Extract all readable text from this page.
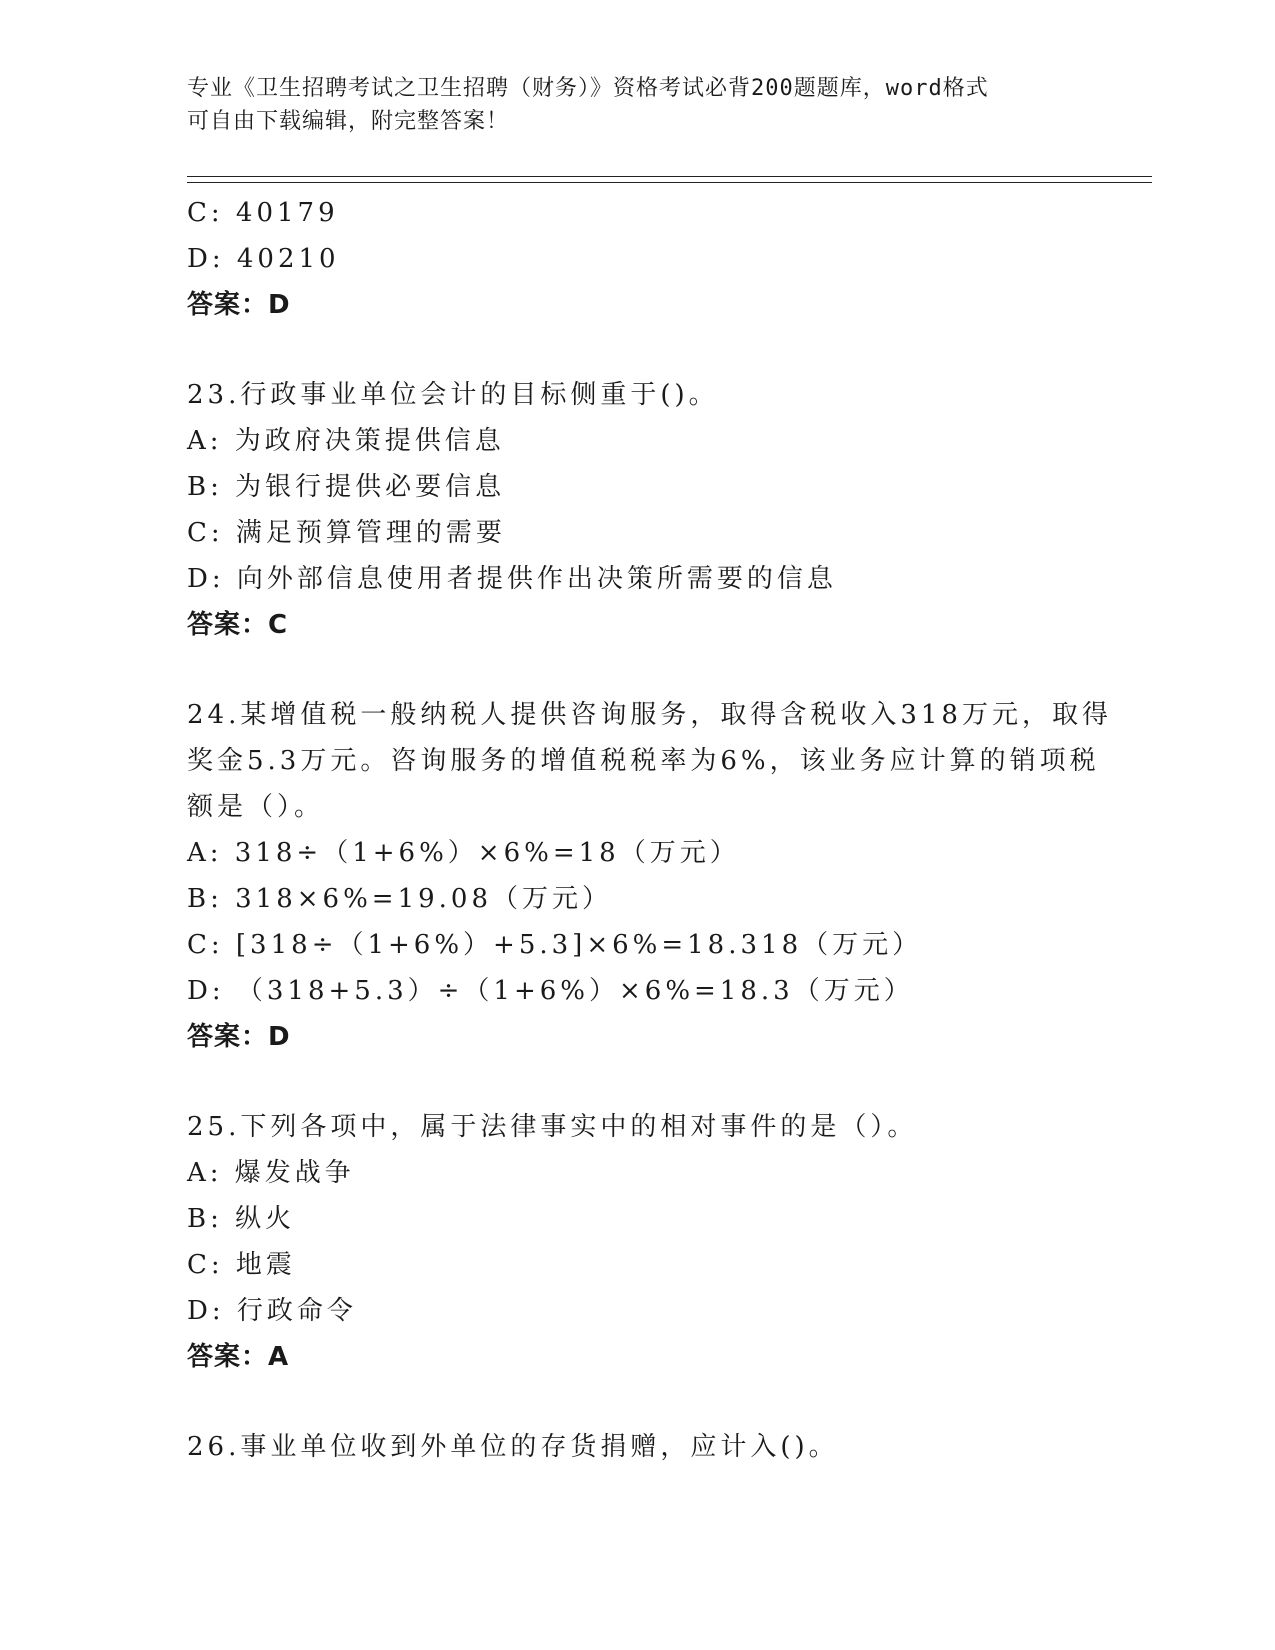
专业《卫生招聘考试之卫生招聘（财务）》资格考试必背200题题库，word格式
可自由下载编辑，附完整答案！
C: 40179
D: 40210
答案：D
23.行政事业单位会计的目标侧重于()。
A: 为政府决策提供信息
B: 为银行提供必要信息
C: 满足预算管理的需要
D: 向外部信息使用者提供作出决策所需要的信息
答案：C
24.某增值税一般纳税人提供咨询服务，取得含税收入318万元，取得
奖金5.3万元。咨询服务的增值税税率为6%，该业务应计算的销项税
额是（）。
A: 318÷（1+6%）×6%=18（万元）
B: 318×6%=19.08（万元）
C: [318÷（1+6%）+5.3]×6%=18.318（万元）
D: （318+5.3）÷（1+6%）×6%=18.3（万元）
答案：D
25.下列各项中，属于法律事实中的相对事件的是（）。
A: 爆发战争
B: 纵火
C: 地震
D: 行政命令
答案：A
26.事业单位收到外单位的存货捐赠，应计入()。
